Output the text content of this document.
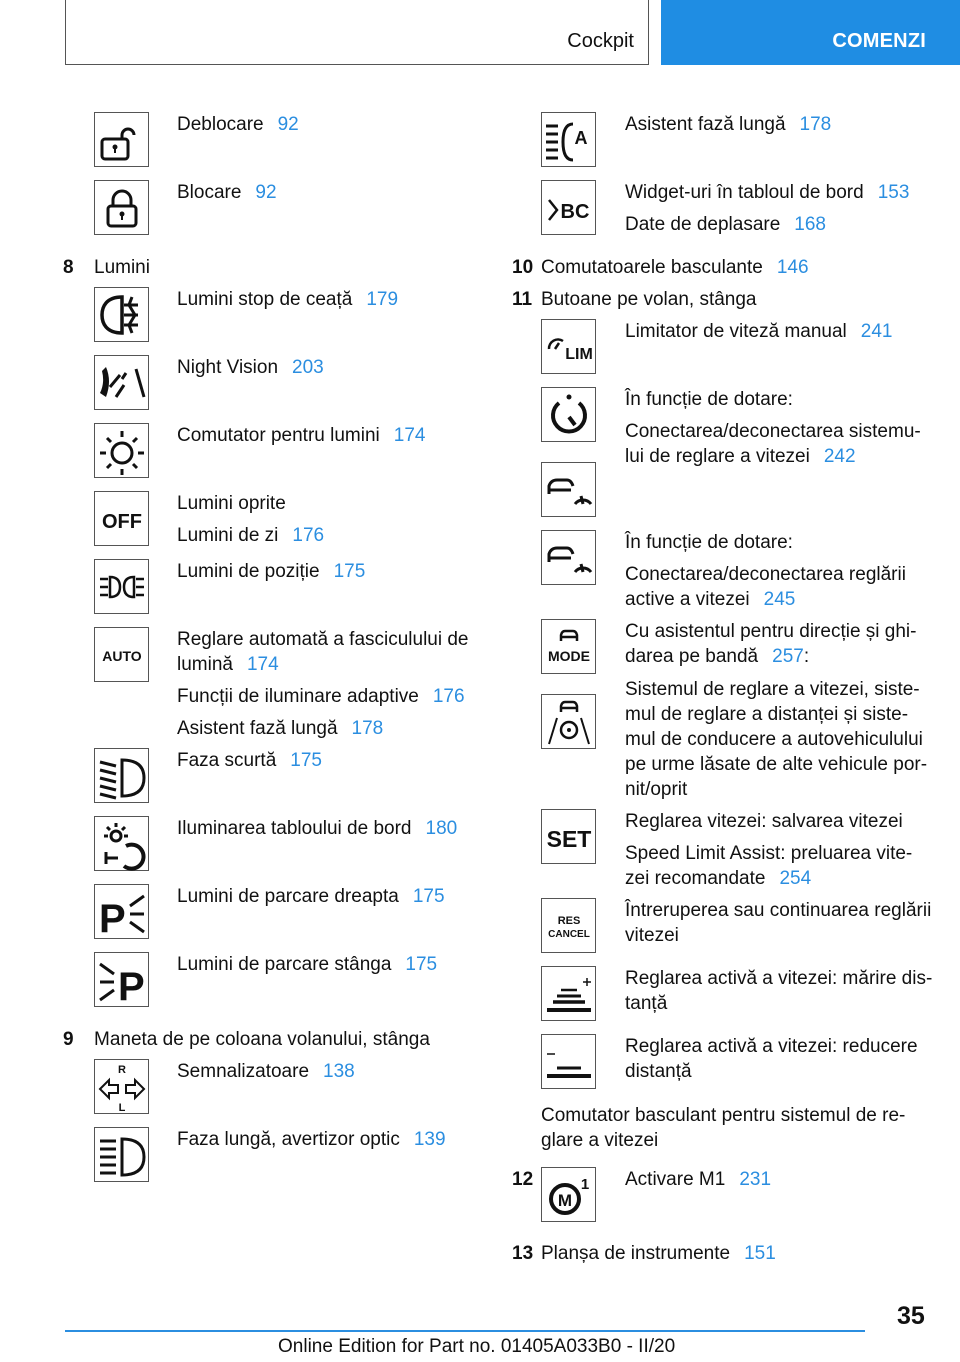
Cockpit	COMENZI
Deblocare 92
Blocare 92
8 Lumini
Lumini stop de ceață 179
Night Vision 203
Comutator pentru lumini 174
OFF
Lumini oprite
Lumini de zi 176
Lumini de poziție 175
AUTO
Reglare automată a fasciculului de
lumină 174
Funcții de iluminare adaptive 176
Asistent fază lungă 178
Faza scurtă 175
Iluminarea tabloului de bord 180
P	Lumini de parcare dreapta 175
P Lumini de parcare stânga 175
9 Maneta de pe coloana volanului, stânga
R
L
Semnalizatoare 138
Faza lungă, avertizor optic 139
A
Asistent fază lungă 178
BC
Widget-uri în tabloul de bord 153
Date de deplasare 168
10 Comutatoarele basculante 146
11 Butoane pe volan, stânga
LIM
Limitator de viteză manual 241
În funcție de dotare:
Conectarea/deconectarea sistemu-
lui de reglare a vitezei 242
În funcție de dotare:
Conectarea/deconectarea reglării
active a vitezei 245
MODE
Cu asistentul pentru direcție și ghi-
darea pe bandă 257:
Sistemul de reglare a vitezei, siste-
mul de reglare a distanței și siste-
mul de conducere a autovehiculului
pe urme lăsate de alte vehicule por-
nit/oprit
SET
Reglarea vitezei: salvarea vitezei
Speed Limit Assist: preluarea vite-
zei recomandate 254
RES
CANCEL
Întreruperea sau continuarea reglării
vitezei
Reglarea activă a vitezei: mărire dis-
tanță
Reglarea activă a vitezei: reducere
distanță
Comutator basculant pentru sistemul de re-
glare a vitezei
12
M
1 Activare M1 231
13 Planșa de instrumente 151
35
Online Edition for Part no. 01405A033B0 - II/20
